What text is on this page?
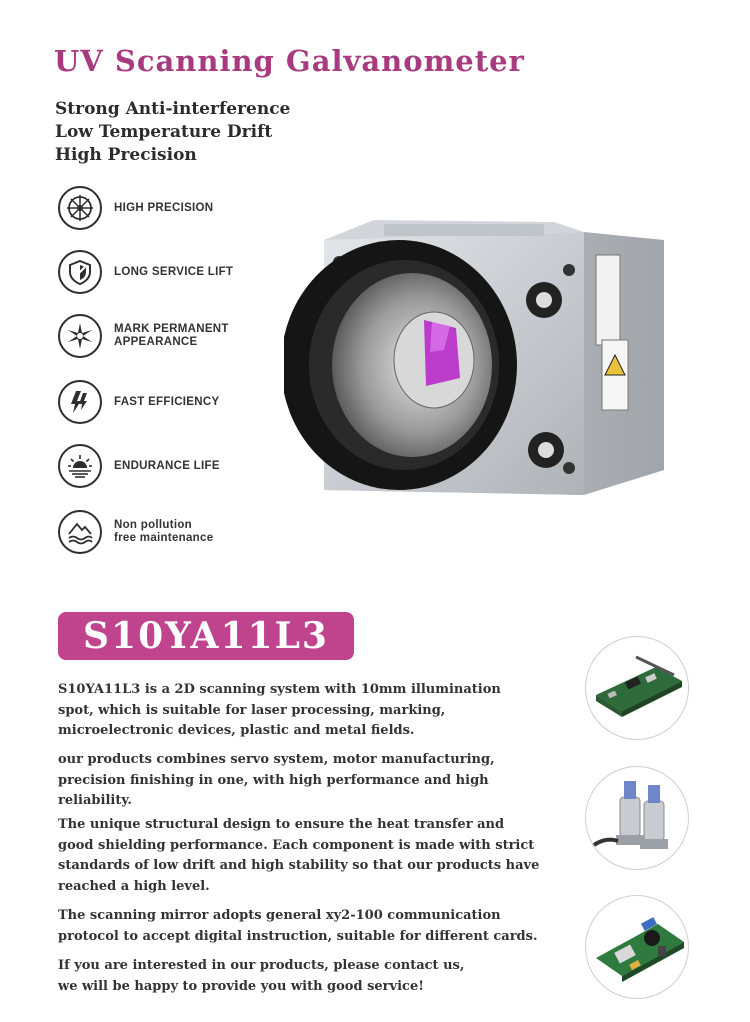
UV Scanning Galvanometer
Strong Anti-interference
Low Temperature Drift
High Precision
HIGH PRECISION
LONG SERVICE LIFT
MARK PERMANENT
APPEARANCE
FAST EFFICIENCY
ENDURANCE LIFE
Non pollution
free maintenance
S10YA11L3
S10YA11L3 is a 2D scanning system with 10mm illumination
spot, which is suitable for laser processing, marking,
microelectronic devices, plastic and metal fields.
our products combines servo system, motor manufacturing,
precision finishing in one, with high performance and high
reliability.
The unique structural design to ensure the heat transfer and
good shielding performance. Each component is made with strict
standards of low drift and high stability so that our products have
reached a high level.
The scanning mirror adopts general xy2-100 communication
protocol to accept digital instruction, suitable for different cards.
If you are interested in our products, please contact us,
we will be happy to provide you with good service!
